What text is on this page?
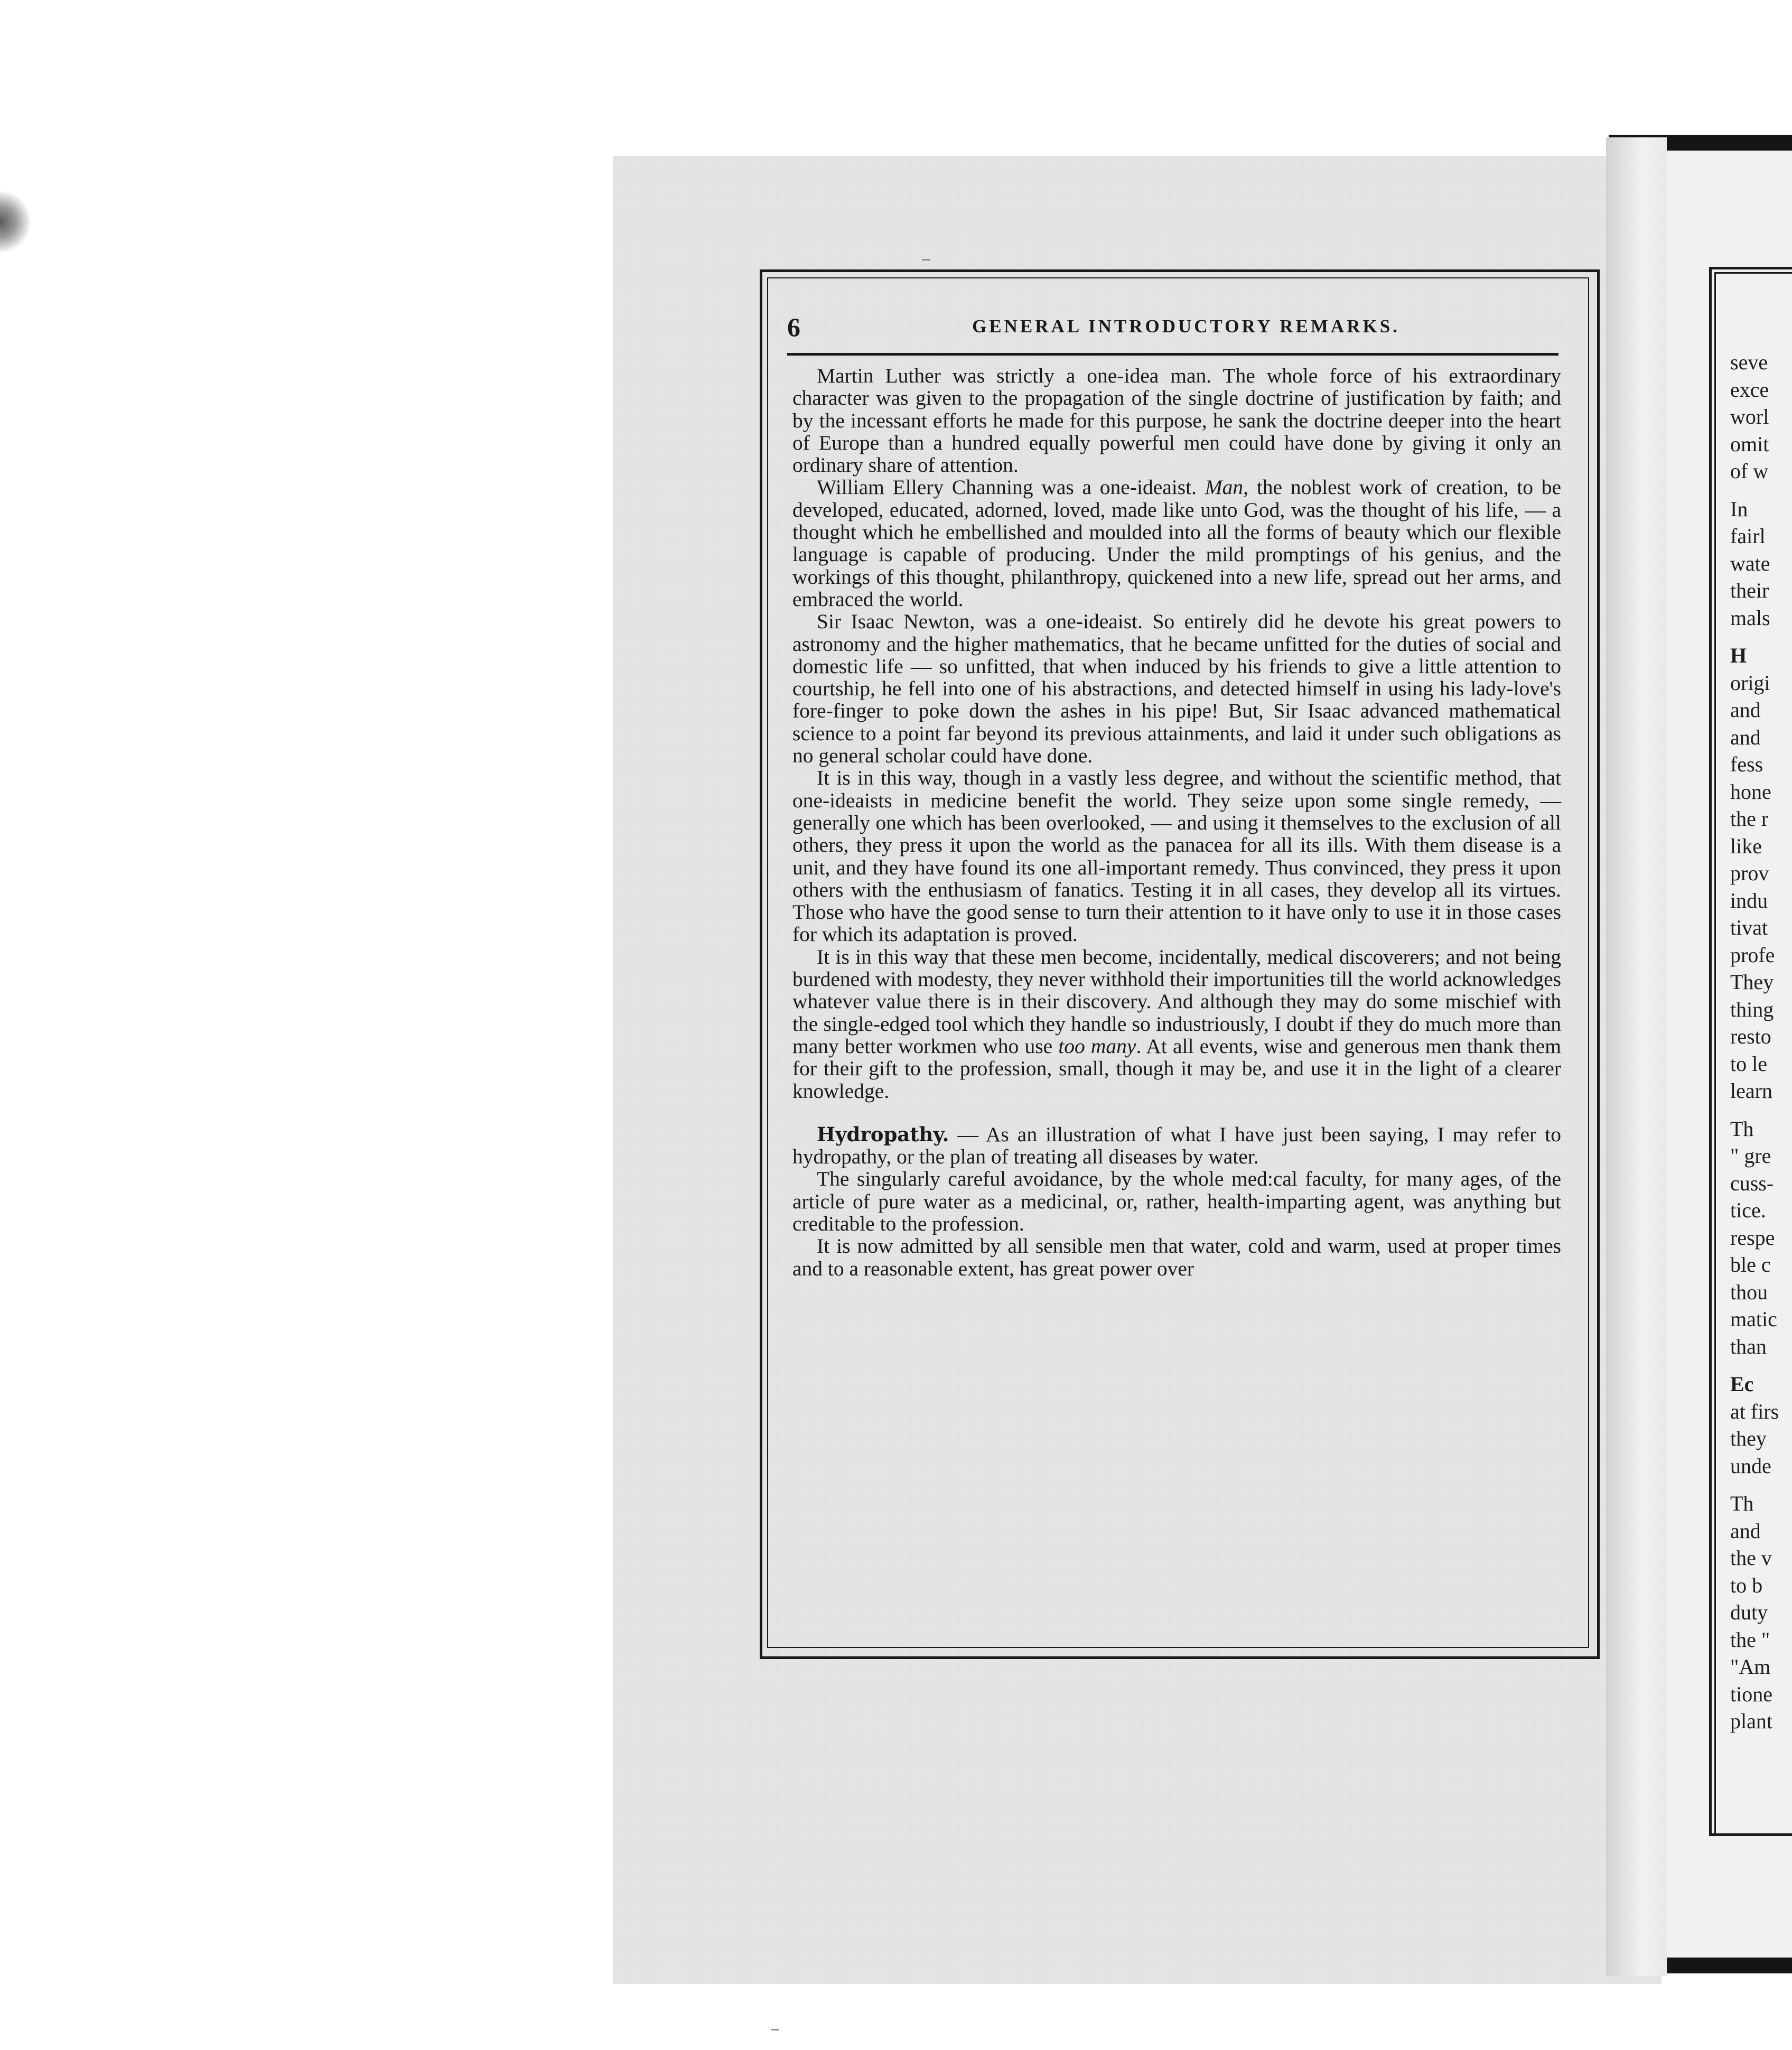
seve
exce
worl
omit
of w
In
fairl
wate
their
mals
H
origi
and
and
fess
hone
the r
like
prov
indu
tivat
profe
They
thing
resto
to le
learn
Th
" gre
cuss-
tice.
respe
ble c
thou
matic
than
Ec
at firs
they
unde
Th
and
the v
to b
duty
the "
"Am
tione
plant
6	GENERAL INTRODUCTORY REMARKS.

Martin Luther was strictly a one-idea man. The whole force of his extraordinary character was given to the propagation of the single doctrine of justification by faith; and by the incessant efforts he made for this purpose, he sank the doctrine deeper into the heart of Europe than a hundred equally powerful men could have done by giving it only an ordinary share of attention.

William Ellery Channing was a one-ideaist. Man, the noblest work of creation, to be developed, educated, adorned, loved, made like unto God, was the thought of his life, — a thought which he embellished and moulded into all the forms of beauty which our flexible language is capable of producing. Under the mild promptings of his genius, and the workings of this thought, philanthropy, quickened into a new life, spread out her arms, and embraced the world.

Sir Isaac Newton, was a one-ideaist. So entirely did he devote his great powers to astronomy and the higher mathematics, that he became unfitted for the duties of social and domestic life — so unfitted, that when induced by his friends to give a little attention to courtship, he fell into one of his abstractions, and detected himself in using his lady-love's fore-finger to poke down the ashes in his pipe! But, Sir Isaac advanced mathematical science to a point far beyond its previous attainments, and laid it under such obligations as no general scholar could have done.

It is in this way, though in a vastly less degree, and without the scientific method, that one-ideaists in medicine benefit the world. They seize upon some single remedy, — generally one which has been overlooked, — and using it themselves to the exclusion of all others, they press it upon the world as the panacea for all its ills. With them disease is a unit, and they have found its one all-important remedy. Thus convinced, they press it upon others with the enthusiasm of fanatics. Testing it in all cases, they develop all its virtues. Those who have the good sense to turn their attention to it have only to use it in those cases for which its adaptation is proved.

It is in this way that these men become, incidentally, medical discoverers; and not being burdened with modesty, they never withhold their importunities till the world acknowledges whatever value there is in their discovery. And although they may do some mischief with the single-edged tool which they handle so industriously, I doubt if they do much more than many better workmen who use too many. At all events, wise and generous men thank them for their gift to the profession, small, though it may be, and use it in the light of a clearer knowledge.

Hydropathy. — As an illustration of what I have just been saying, I may refer to hydropathy, or the plan of treating all diseases by water.

The singularly careful avoidance, by the whole med:cal faculty, for many ages, of the article of pure water as a medicinal, or, rather, health-imparting agent, was anything but creditable to the profession.

It is now admitted by all sensible men that water, cold and warm, used at proper times and to a reasonable extent, has great power over
